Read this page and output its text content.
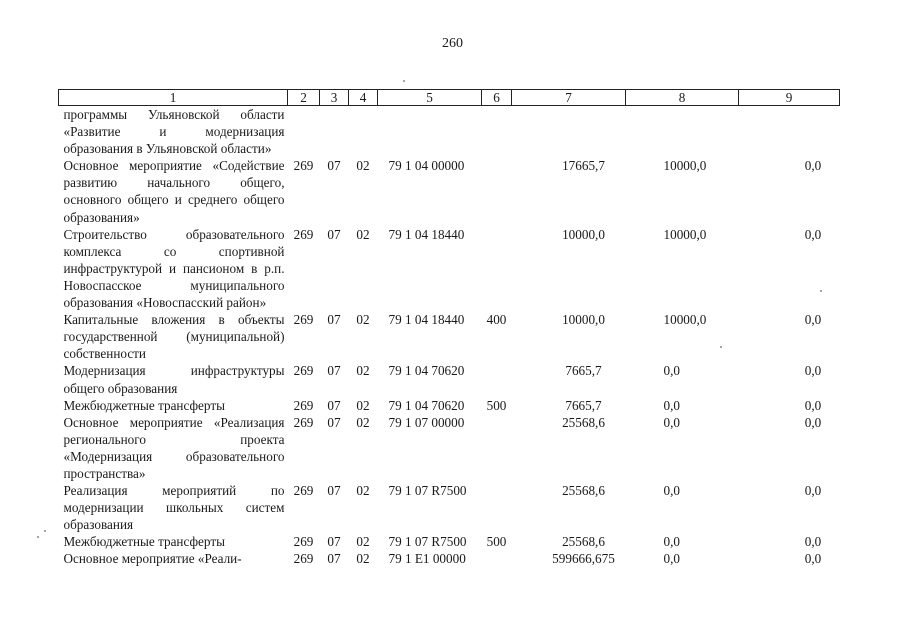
260
1	2	3	4	5	6	7	8	9
программы Ульяновской области «Развитие и модернизация образования в Ульяновской области»								
Основное мероприятие «Содействие развитию начального общего, основного общего и среднего общего образования»	269	07	02	79 1 04 00000		17665,7	10000,0	0,0
Строительство образовательного комплекса со спортивной инфраструктурой и пансионом в р.п. Новоспасское муниципального образования «Новоспасский район»	269	07	02	79 1 04 18440		10000,0	10000,0	0,0
Капитальные вложения в объекты государственной (муниципальной) собственности	269	07	02	79 1 04 18440	400	10000,0	10000,0	0,0
Модернизация инфраструктуры общего образования	269	07	02	79 1 04 70620		7665,7	0,0	0,0
Межбюджетные трансферты	269	07	02	79 1 04 70620	500	7665,7	0,0	0,0
Основное мероприятие «Реализация регионального проекта «Модернизация образовательного пространства»	269	07	02	79 1 07 00000		25568,6	0,0	0,0
Реализация мероприятий по модернизации школьных систем образования	269	07	02	79 1 07 R7500		25568,6	0,0	0,0
Межбюджетные трансферты	269	07	02	79 1 07 R7500	500	25568,6	0,0	0,0
Основное мероприятие «Реали-	269	07	02	79 1 E1 00000		599666,675	0,0	0,0
